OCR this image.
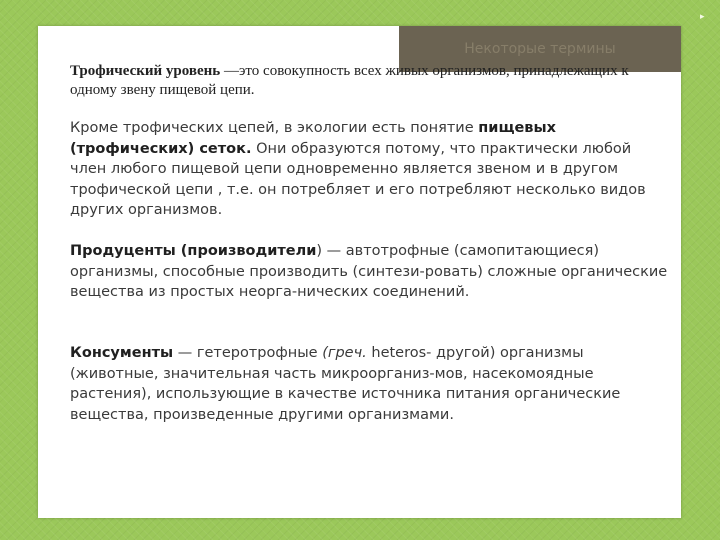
Некоторые термины
▸
Трофический уровень —это совокупность всех живых организмов, принадлежащих к одному звену пищевой цепи.
Кроме трофических цепей, в экологии есть понятие пищевых (трофических) сеток. Они образуются потому, что практически любой член любого пищевой цепи одновременно является звеном и в другом трофической цепи , т.е. он потребляет и его потребляют несколько видов других организмов.
Продуценты (производители) — автотрофные (самопитающиеся) организмы, способные производить (синтези-ровать) сложные органические вещества из простых неорга-нических соединений.
Консументы — гетеротрофные (греч. heteros- другой) организмы (животные, значительная часть микроорганиз-мов, насекомоядные растения), использующие в качестве источника питания органические вещества, произведенные другими организмами.
